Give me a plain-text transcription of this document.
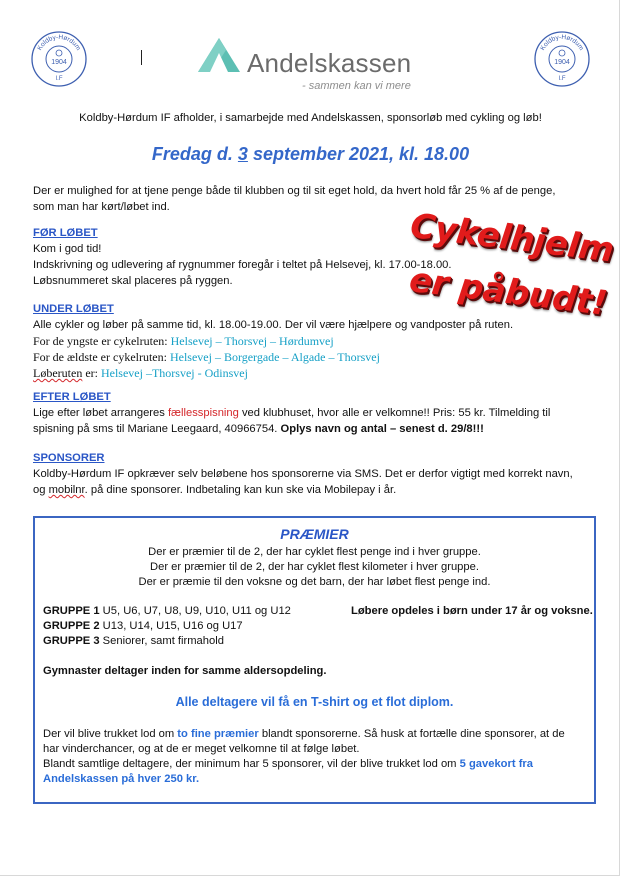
Koldby-Hørdum
1904
I.F
Koldby-Hørdum
1904
I.F
Andelskassen
- sammen kan vi mere
Koldby-Hørdum IF afholder, i samarbejde med Andelskassen, sponsorløb med cykling og løb!
Fredag d. 3 september 2021, kl. 18.00
Der er mulighed for at tjene penge både til klubben og til sit eget hold, da hvert hold får 25 % af de penge,
som man har kørt/løbet ind.	Cykelhjelm
er påbudt!
FØR LØBET
Kom i god tid!
Indskrivning og udlevering af rygnummer foregår i teltet på Helsevej, kl. 17.00-18.00.
Løbsnummeret skal placeres på ryggen.
UNDER LØBET
Alle cykler og løber på samme tid, kl. 18.00-19.00. Der vil være hjælpere og vandposter på ruten.
For de yngste er cykelruten: Helsevej – Thorsvej – Hørdumvej
For de ældste er cykelruten: Helsevej – Borgergade – Algade – Thorsvej
Løberuten er: Helsevej –Thorsvej - Odinsvej
EFTER LØBET
Lige efter løbet arrangeres fællesspisning ved klubhuset, hvor alle er velkomne!! Pris: 55 kr. Tilmelding til
spisning på sms til Mariane Leegaard, 40966754. Oplys navn og antal – senest d. 29/8!!!
SPONSORER
Koldby-Hørdum IF opkræver selv beløbene hos sponsorerne via SMS. Det er derfor vigtigt med korrekt navn,
og mobilnr. på dine sponsorer. Indbetaling kan kun ske via Mobilepay i år.
PRÆMIER
Der er præmier til de 2, der har cyklet flest penge ind i hver gruppe.
Der er præmier til de 2, der har cyklet flest kilometer i hver gruppe.
Der er præmie til den voksne og det barn, der har løbet flest penge ind.
GRUPPE 1 U5, U6, U7, U8, U9, U10, U11 og U12
GRUPPE 2 U13, U14, U15, U16 og U17
GRUPPE 3 Seniorer, samt firmahold
Løbere opdeles i børn under 17 år og voksne.
Gymnaster deltager inden for samme aldersopdeling.
Alle deltagere vil få en T-shirt og et flot diplom.
Der vil blive trukket lod om to fine præmier blandt sponsorerne. Så husk at fortælle dine sponsorer, at de
har vinderchancer, og at de er meget velkomne til at følge løbet.
Blandt samtlige deltagere, der minimum har 5 sponsorer, vil der blive trukket lod om 5 gavekort fra
Andelskassen på hver 250 kr.
